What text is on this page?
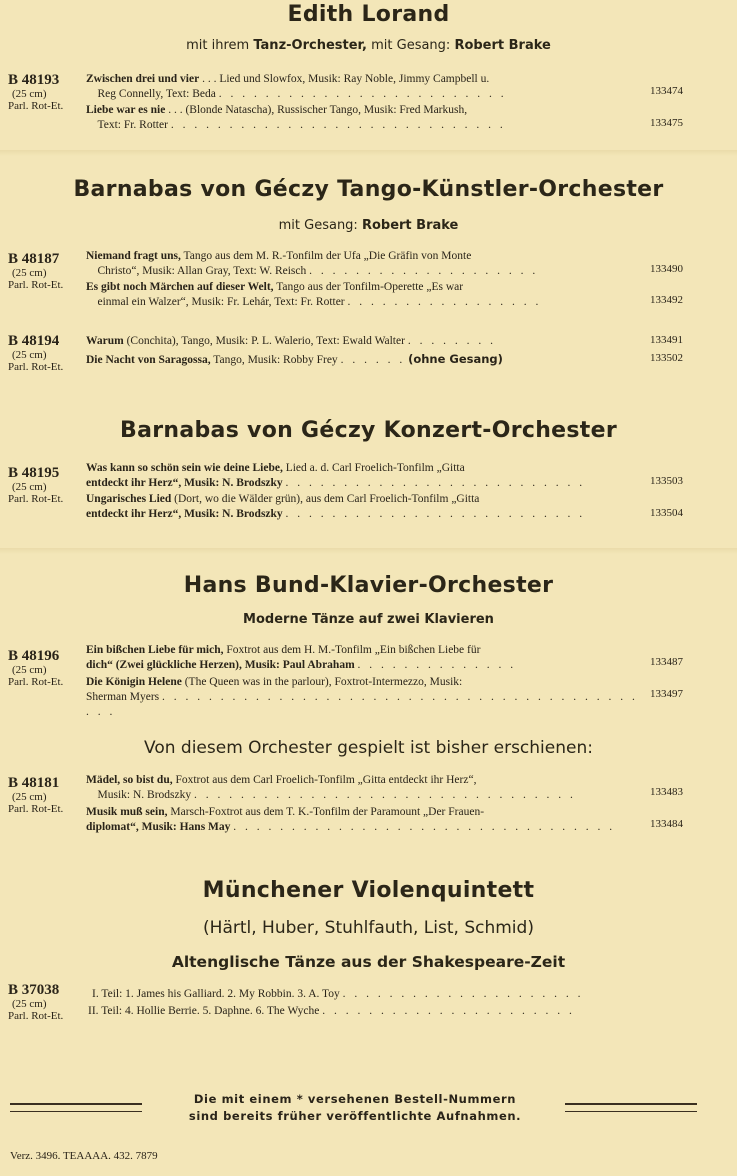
Edith Lorand
mit ihrem Tanz-Orchester, mit Gesang: Robert Brake
B 48193
(25 cm)
Parl. Rot-Et.
Zwischen drei und vier . . . Lied und Slowfox, Musik: Ray Noble, Jimmy Campbell u.
Reg Connelly, Text: Beda . . . . . . . . . . . . . . . . . . . . . . . . .	133474
Liebe war es nie . . . (Blonde Natascha), Russischer Tango, Musik: Fred Markush,
Text: Fr. Rotter . . . . . . . . . . . . . . . . . . . . . . . . . . . . .	133475
Barnabas von Géczy Tango-Künstler-Orchester
mit Gesang: Robert Brake
B 48187
(25 cm)
Parl. Rot-Et.
Niemand fragt uns, Tango aus dem M. R.-Tonfilm der Ufa „Die Gräfin von Monte
Christo“, Musik: Allan Gray, Text: W. Reisch . . . . . . . . . . . . . . . . . . . .	133490
Es gibt noch Märchen auf dieser Welt, Tango aus der Tonfilm-Operette „Es war
einmal ein Walzer“, Musik: Fr. Lehár, Text: Fr. Rotter . . . . . . . . . . . . . . . . .	133492
B 48194
(25 cm)
Parl. Rot-Et.
Warum (Conchita), Tango, Musik: P. L. Walerio, Text: Ewald Walter . . . . . . . .	133491
Die Nacht von Saragossa, Tango, Musik: Robby Frey . . . . . . (ohne Gesang)	133502
Barnabas von Géczy Konzert-Orchester
B 48195
(25 cm)
Parl. Rot-Et.
Was kann so schön sein wie deine Liebe, Lied a. d. Carl Froelich-Tonfilm „Gitta
entdeckt ihr Herz“, Musik: N. Brodszky . . . . . . . . . . . . . . . . . . . . . . . . . .	133503
Ungarisches Lied (Dort, wo die Wälder grün), aus dem Carl Froelich-Tonfilm „Gitta
entdeckt ihr Herz“, Musik: N. Brodszky . . . . . . . . . . . . . . . . . . . . . . . . . .	133504
Hans Bund-Klavier-Orchester
Moderne Tänze auf zwei Klavieren
B 48196
(25 cm)
Parl. Rot-Et.
Ein bißchen Liebe für mich, Foxtrot aus dem H. M.-Tonfilm „Ein bißchen Liebe für
dich“ (Zwei glückliche Herzen), Musik: Paul Abraham . . . . . . . . . . . . . .	133487
Die Königin Helene (The Queen was in the parlour), Foxtrot-Intermezzo, Musik:
Sherman Myers . . . . . . . . . . . . . . . . . . . . . . . . . . . . . . . . . . . . . . . . . . . .
133497
Von diesem Orchester gespielt ist bisher erschienen:
B 48181
(25 cm)
Parl. Rot-Et.
Mädel, so bist du, Foxtrot aus dem Carl Froelich-Tonfilm „Gitta entdeckt ihr Herz“,
Musik: N. Brodszky . . . . . . . . . . . . . . . . . . . . . . . . . . . . . . . . .	133483
Musik muß sein, Marsch-Foxtrot aus dem T. K.-Tonfilm der Paramount „Der Frauen-
diplomat“, Musik: Hans May . . . . . . . . . . . . . . . . . . . . . . . . . . . . . . . . .	133484
Münchener Violenquintett
(Härtl, Huber, Stuhlfauth, List, Schmid)
Altenglische Tänze aus der Shakespeare-Zeit
B 37038
(25 cm)
Parl. Rot-Et.
I. Teil: 1. James his Galliard. 2. My Robbin. 3. A. Toy . . . . . . . . . . . . . . . . . . . . .
II. Teil: 4. Hollie Berrie. 5. Daphne. 6. The Wyche . . . . . . . . . . . . . . . . . . . . . .
Die mit einem * versehenen Bestell-Nummern
sind bereits früher veröffentlichte Aufnahmen.
Verz. 3496. TEAAAA. 432. 7879
